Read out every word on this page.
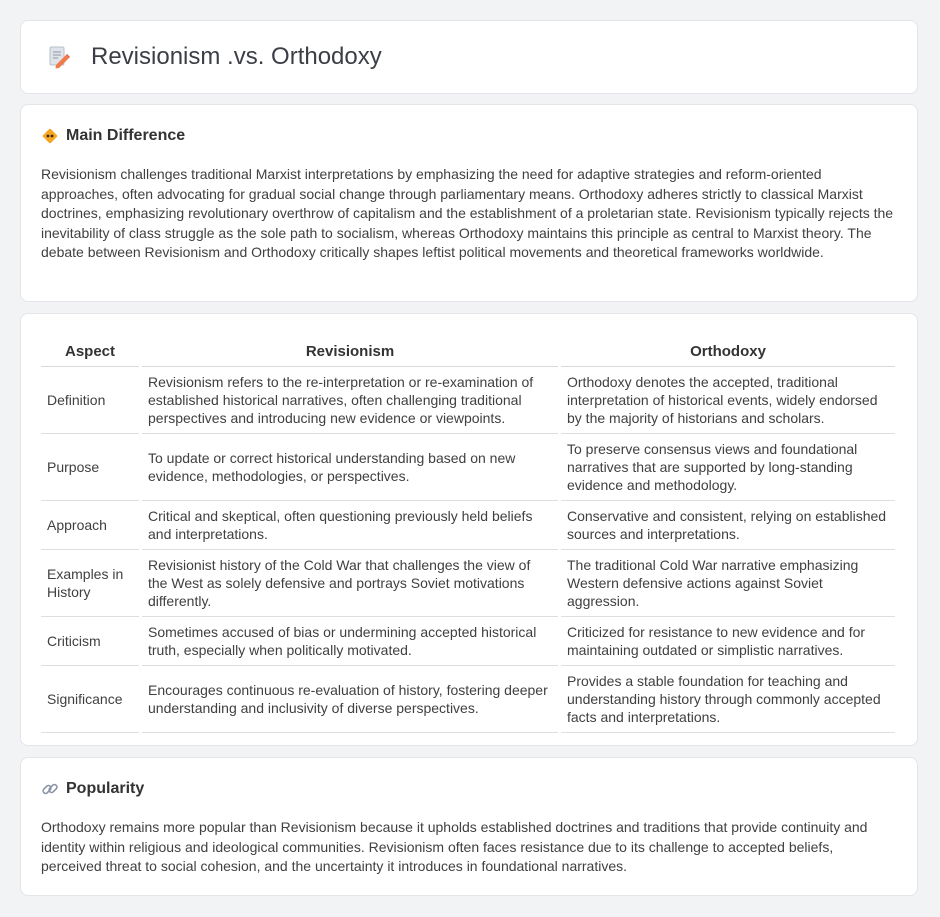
Revisionism .vs. Orthodoxy
Main Difference

Revisionism challenges traditional Marxist interpretations by emphasizing the need for adaptive strategies and reform-oriented approaches, often advocating for gradual social change through parliamentary means. Orthodoxy adheres strictly to classical Marxist doctrines, emphasizing revolutionary overthrow of capitalism and the establishment of a proletarian state. Revisionism typically rejects the inevitability of class struggle as the sole path to socialism, whereas Orthodoxy maintains this principle as central to Marxist theory. The debate between Revisionism and Orthodoxy critically shapes leftist political movements and theoretical frameworks worldwide.

Aspect	Revisionism	Orthodoxy
Definition	Revisionism refers to the re-interpretation or re-examination of established historical narratives, often challenging traditional perspectives and introducing new evidence or viewpoints.	Orthodoxy denotes the accepted, traditional interpretation of historical events, widely endorsed by the majority of historians and scholars.
Purpose	To update or correct historical understanding based on new evidence, methodologies, or perspectives.	To preserve consensus views and foundational narratives that are supported by long-standing evidence and methodology.
Approach	Critical and skeptical, often questioning previously held beliefs and interpretations.	Conservative and consistent, relying on established sources and interpretations.
Examples in History	Revisionist history of the Cold War that challenges the view of the West as solely defensive and portrays Soviet motivations differently.	The traditional Cold War narrative emphasizing Western defensive actions against Soviet aggression.
Criticism	Sometimes accused of bias or undermining accepted historical truth, especially when politically motivated.	Criticized for resistance to new evidence and for maintaining outdated or simplistic narratives.
Significance	Encourages continuous re-evaluation of history, fostering deeper understanding and inclusivity of diverse perspectives.	Provides a stable foundation for teaching and understanding history through commonly accepted facts and interpretations.
Popularity

Orthodoxy remains more popular than Revisionism because it upholds established doctrines and traditions that provide continuity and identity within religious and ideological communities. Revisionism often faces resistance due to its challenge to accepted beliefs, perceived threat to social cohesion, and the uncertainty it introduces in foundational narratives.
